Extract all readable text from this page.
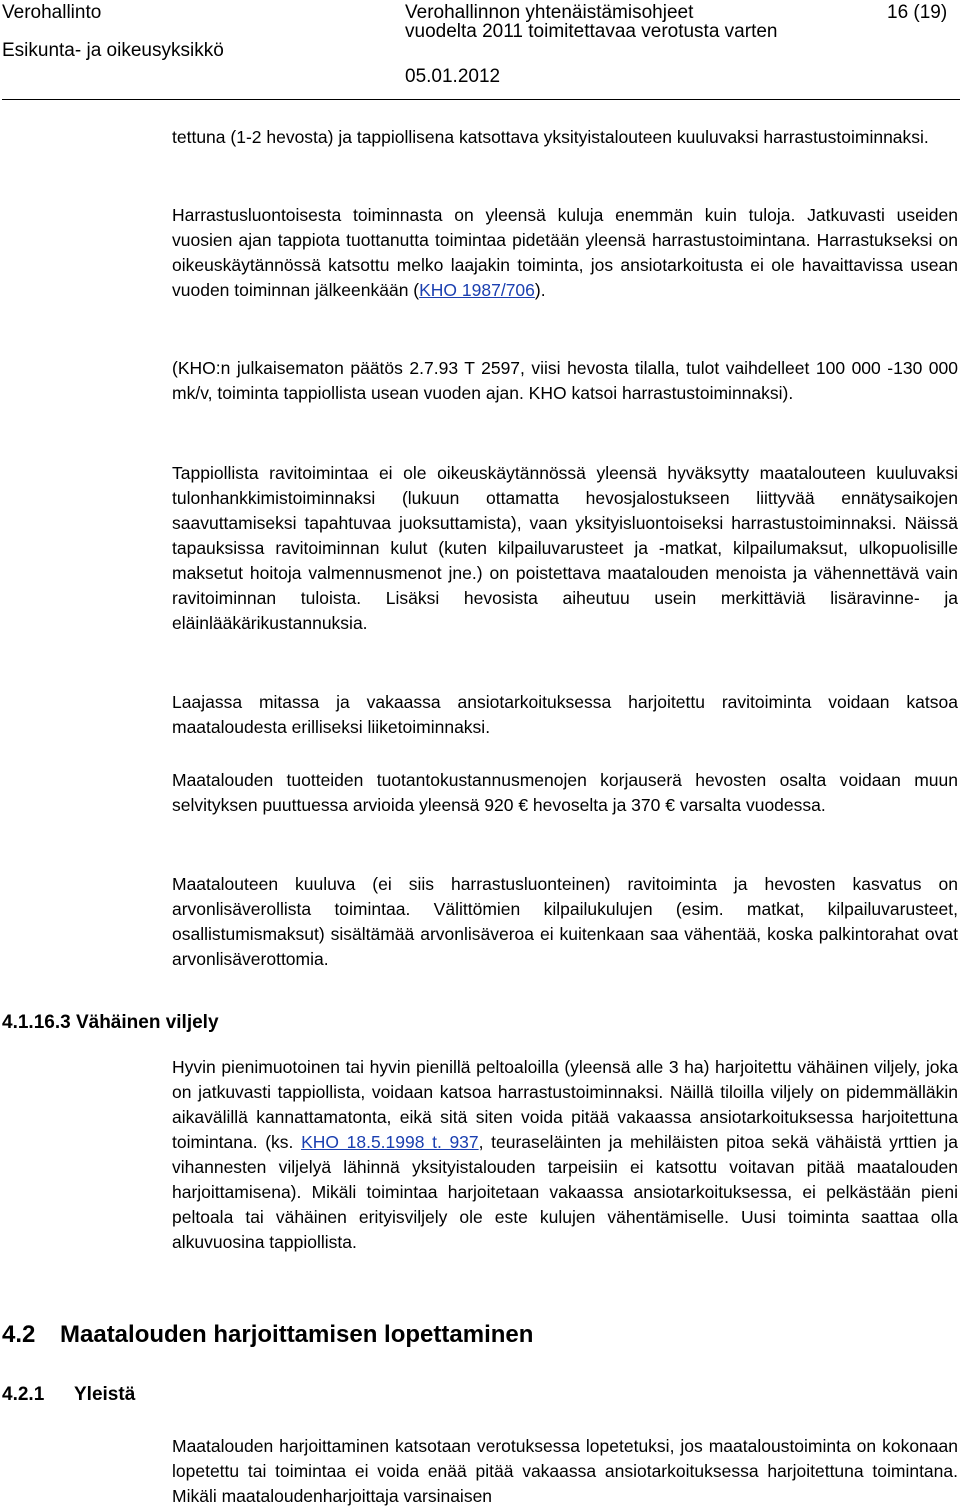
Verohallinto
Esikunta- ja oikeusyksikkö
Verohallinnon yhtenäistämisohjeet
vuodelta 2011 toimitettavaa verotusta varten
05.01.2012
16 (19)

tettuna (1-2 hevosta) ja tappiollisena katsottava yksityistalouteen kuuluvaksi harrastustoiminnaksi.

Harrastusluontoisesta toiminnasta on yleensä kuluja enemmän kuin tuloja. Jatkuvasti useiden vuosien ajan tappiota tuottanutta toimintaa pidetään yleensä harrastustoimintana. Harrastukseksi on oikeuskäytännössä katsottu melko laajakin toiminta, jos ansiotarkoitusta ei ole havaittavissa usean vuoden toiminnan jälkeenkään (KHO 1987/706).

(KHO:n julkaisematon päätös 2.7.93 T 2597, viisi hevosta tilalla, tulot vaihdelleet 100 000 -130 000 mk/v, toiminta tappiollista usean vuoden ajan. KHO katsoi harrastustoiminnaksi).

Tappiollista ravitoimintaa ei ole oikeuskäytännössä yleensä hyväksytty maatalouteen kuuluvaksi tulonhankkimistoiminnaksi (lukuun ottamatta hevosjalostukseen liittyvää ennätysaikojen saavuttamiseksi tapahtuvaa juoksuttamista), vaan yksityisluontoiseksi harrastustoiminnaksi. Näissä tapauksissa ravitoiminnan kulut (kuten kilpailuvarusteet ja -matkat, kilpailumaksut, ulkopuolisille maksetut hoitoja valmennusmenot jne.) on poistettava maatalouden menoista ja vähennettävä vain ravitoiminnan tuloista. Lisäksi hevosista aiheutuu usein merkittäviä lisäravinne- ja eläinlääkärikustannuksia.

Laajassa mitassa ja vakaassa ansiotarkoituksessa harjoitettu ravitoiminta voidaan katsoa maataloudesta erilliseksi liiketoiminnaksi.

Maatalouden tuotteiden tuotantokustannusmenojen korjauserä hevosten osalta voidaan muun selvityksen puuttuessa arvioida yleensä 920 € hevoselta ja 370 € varsalta vuodessa.

Maatalouteen kuuluva (ei siis harrastusluonteinen) ravitoiminta ja hevosten kasvatus on arvonlisäverollista toimintaa. Välittömien kilpailukulujen (esim. matkat, kilpailuvarusteet, osallistumismaksut) sisältämää arvonlisäveroa ei kuitenkaan saa vähentää, koska palkintorahat ovat arvonlisäverottomia.

Hyvin pienimuotoinen tai hyvin pienillä peltoaloilla (yleensä alle 3 ha) harjoitettu vähäinen viljely, joka on jatkuvasti tappiollista, voidaan katsoa harrastustoiminnaksi. Näillä tiloilla viljely on pidemmälläkin aikavälillä kannattamatonta, eikä sitä siten voida pitää vakaassa ansiotarkoituksessa harjoitettuna toimintana. (ks. KHO 18.5.1998 t. 937, teuraseläinten ja mehiläisten pitoa sekä vähäistä yrttien ja vihannesten viljelyä lähinnä yksityistalouden tarpeisiin ei katsottu voitavan pitää maatalouden harjoittamisena). Mikäli toimintaa harjoitetaan vakaassa ansiotarkoituksessa, ei pelkästään pieni peltoala tai vähäinen erityisviljely ole este kulujen vähentämiselle. Uusi toiminta saattaa olla alkuvuosina tappiollista.

Maatalouden harjoittaminen katsotaan verotuksessa lopetetuksi, jos maataloustoiminta on kokonaan lopetettu tai toimintaa ei voida enää pitää vakaassa ansiotarkoituksessa harjoitettuna toimintana. Mikäli maataloudenharjoittaja varsinaisen

4.1.16.3 Vähäinen viljely
4.2 Maatalouden harjoittamisen lopettaminen
4.2.1 Yleistä
